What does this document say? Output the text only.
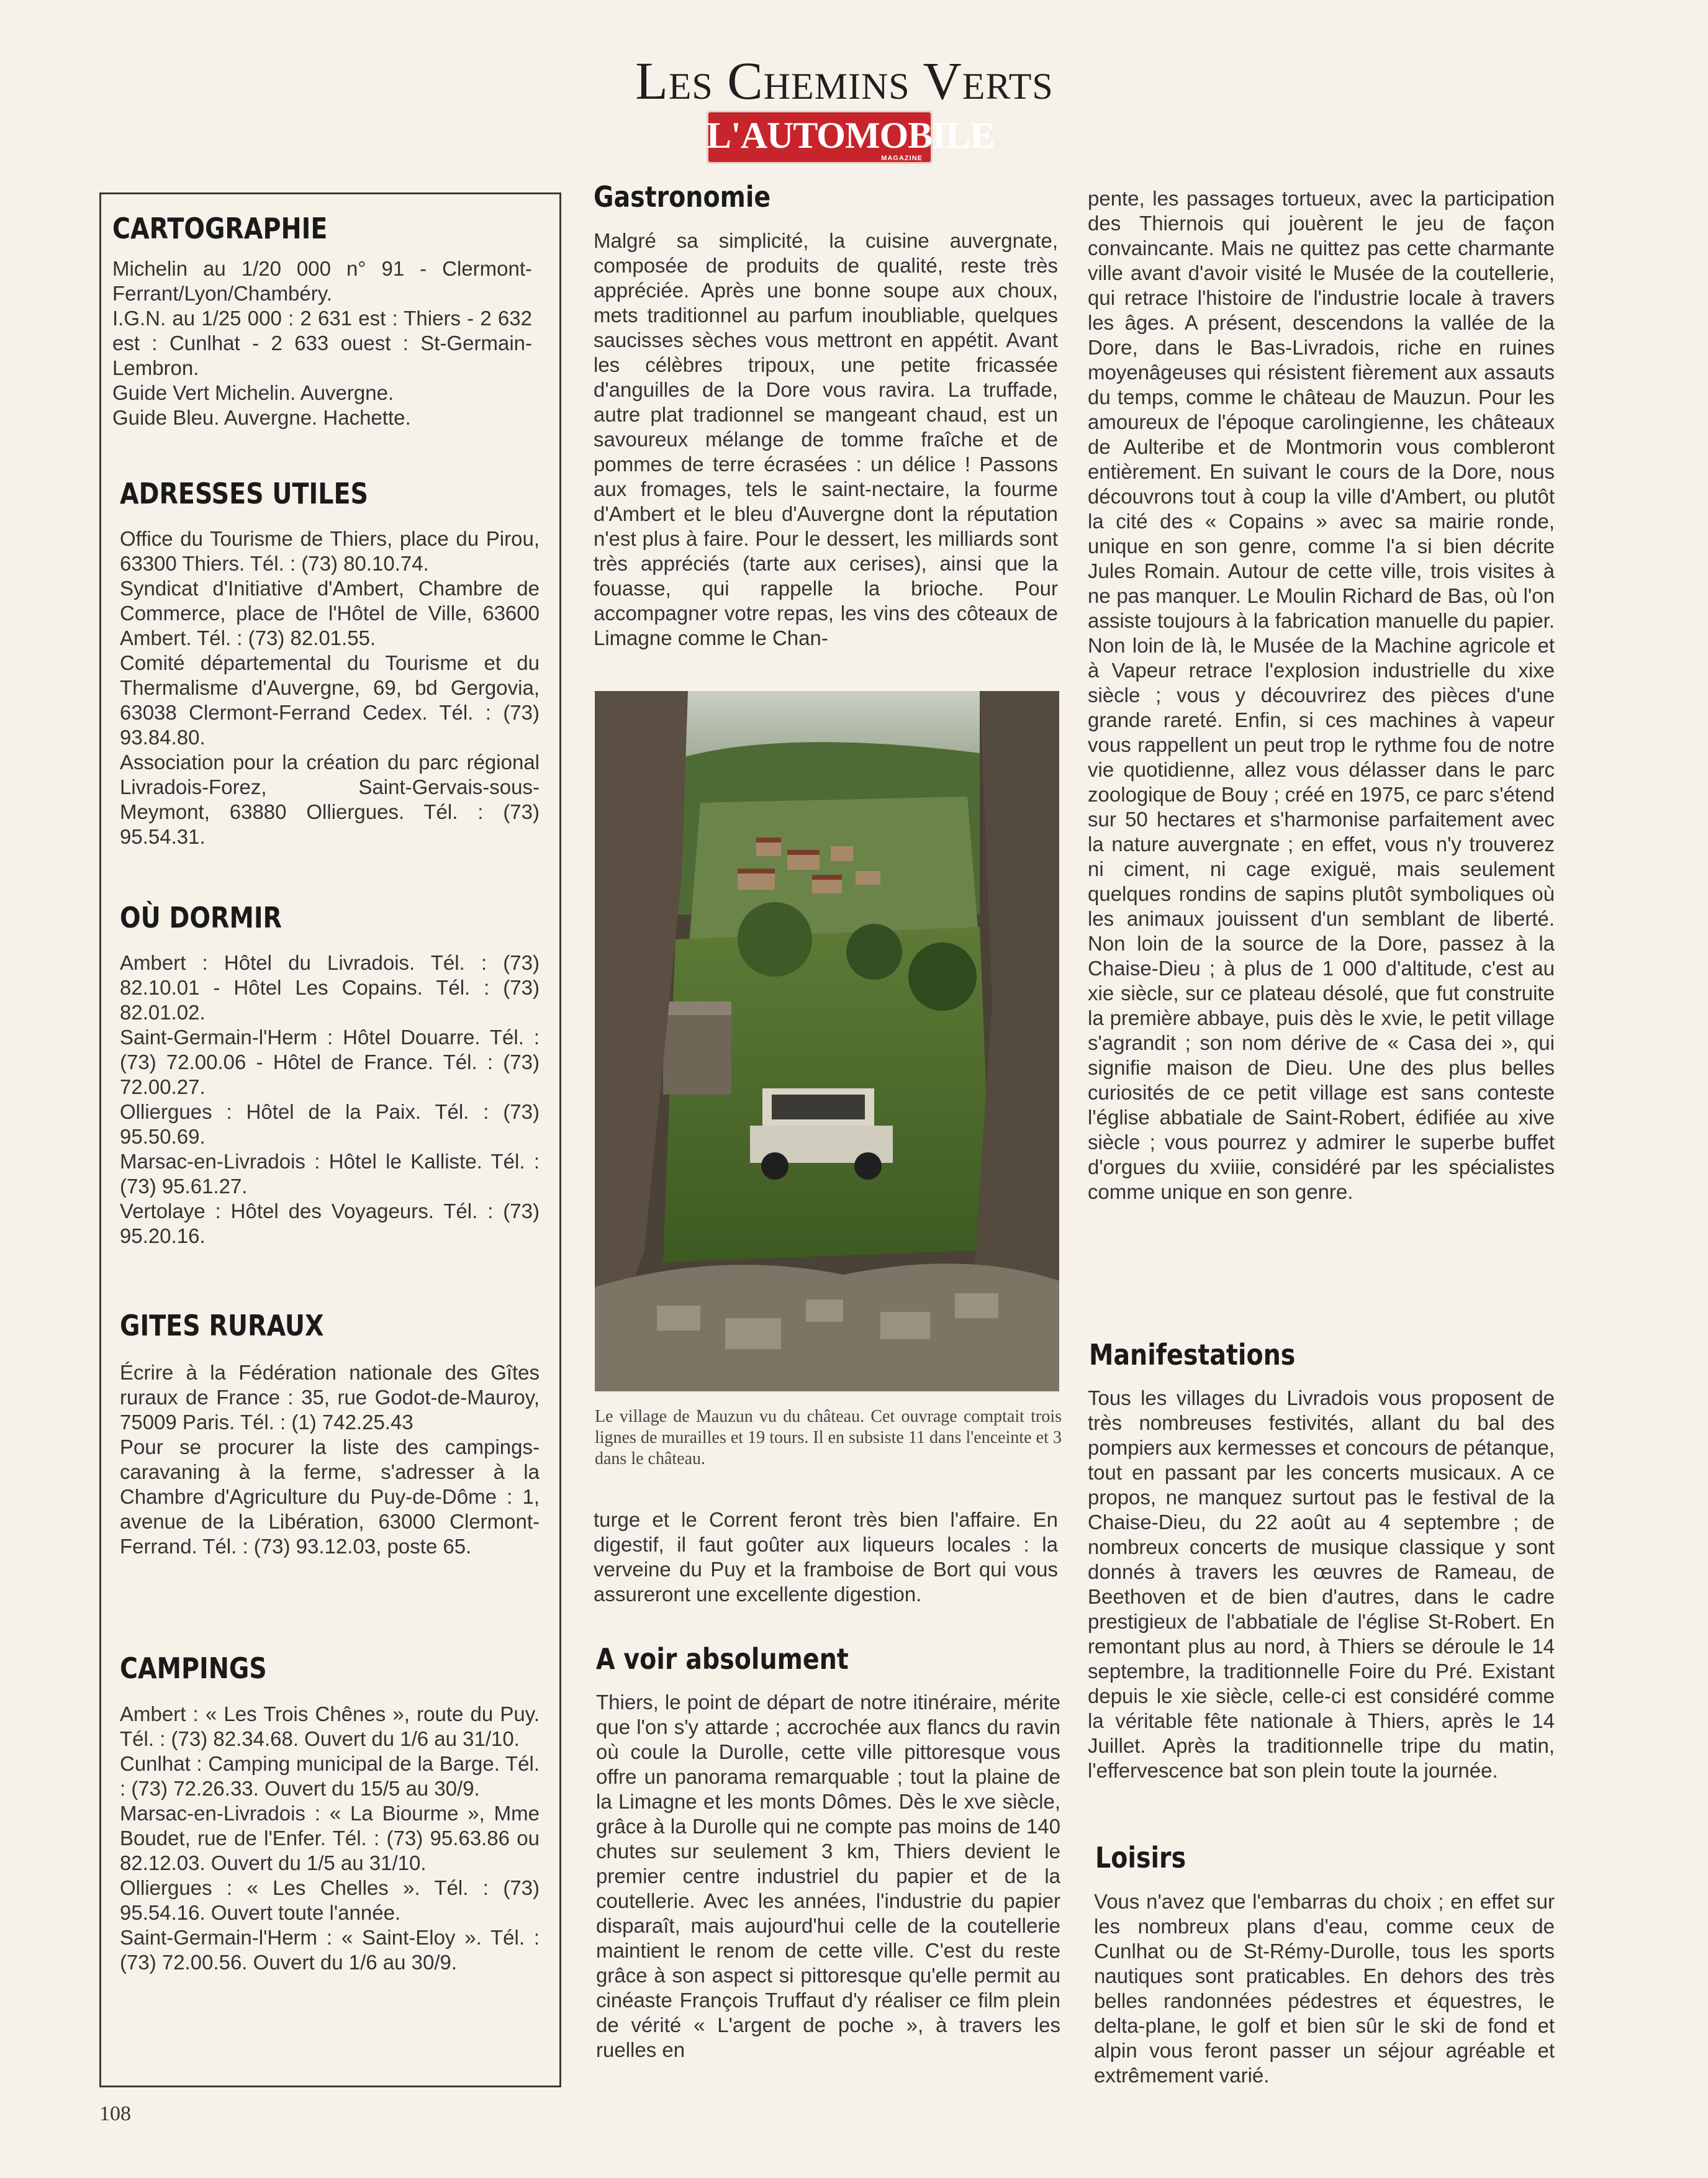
Les Chemins Verts
L'AUTOMOBILE
MAGAZINE
CARTOGRAPHIE

Michelin au 1/20 000 n° 91 - Clermont-Ferrant/Lyon/Chambéry.

I.G.N. au 1/25 000 : 2 631 est : Thiers - 2 632 est : Cunlhat - 2 633 ouest : St-Germain-Lembron.

Guide Vert Michelin. Auvergne.

Guide Bleu. Auvergne. Hachette.

ADRESSES UTILES

Office du Tourisme de Thiers, place du Pirou, 63300 Thiers. Tél. : (73) 80.10.74.

Syndicat d'Initiative d'Ambert, Chambre de Commerce, place de l'Hôtel de Ville, 63600 Ambert. Tél. : (73) 82.01.55.

Comité départemental du Tourisme et du Thermalisme d'Auvergne, 69, bd Gergovia, 63038 Clermont-Ferrand Cedex. Tél. : (73) 93.84.80.

Association pour la création du parc régional Livradois-Forez, Saint-Gervais-sous-Meymont, 63880 Olliergues. Tél. : (73) 95.54.31.

OÙ DORMIR

Ambert : Hôtel du Livradois. Tél. : (73) 82.10.01 - Hôtel Les Copains. Tél. : (73) 82.01.02.

Saint-Germain-l'Herm : Hôtel Douarre. Tél. : (73) 72.00.06 - Hôtel de France. Tél. : (73) 72.00.27.

Olliergues : Hôtel de la Paix. Tél. : (73) 95.50.69.

Marsac-en-Livradois : Hôtel le Kalliste. Tél. : (73) 95.61.27.

Vertolaye : Hôtel des Voyageurs. Tél. : (73) 95.20.16.

GITES RURAUX

Écrire à la Fédération nationale des Gîtes ruraux de France : 35, rue Godot-de-Mauroy, 75009 Paris. Tél. : (1) 742.25.43

Pour se procurer la liste des campings-caravaning à la ferme, s'adresser à la Chambre d'Agriculture du Puy-de-Dôme : 1, avenue de la Libération, 63000 Clermont-Ferrand. Tél. : (73) 93.12.03, poste 65.

CAMPINGS

Ambert : « Les Trois Chênes », route du Puy. Tél. : (73) 82.34.68. Ouvert du 1/6 au 31/10.

Cunlhat : Camping municipal de la Barge. Tél. : (73) 72.26.33. Ouvert du 15/5 au 30/9.

Marsac-en-Livradois : « La Biourme », Mme Boudet, rue de l'Enfer. Tél. : (73) 95.63.86 ou 82.12.03. Ouvert du 1/5 au 31/10.

Olliergues : « Les Chelles ». Tél. : (73) 95.54.16. Ouvert toute l'année.

Saint-Germain-l'Herm : « Saint-Eloy ». Tél. : (73) 72.00.56. Ouvert du 1/6 au 30/9.

Gastronomie

Malgré sa simplicité, la cuisine auvergnate, composée de produits de qualité, reste très appréciée. Après une bonne soupe aux choux, mets traditionnel au parfum inoubliable, quelques saucisses sèches vous mettront en appétit. Avant les célèbres tripoux, une petite fricassée d'anguilles de la Dore vous ravira. La truffade, autre plat tradionnel se mangeant chaud, est un savoureux mélange de tomme fraîche et de pommes de terre écrasées : un délice ! Passons aux fromages, tels le saint-nectaire, la fourme d'Ambert et le bleu d'Auvergne dont la réputation n'est plus à faire. Pour le dessert, les milliards sont très appréciés (tarte aux cerises), ainsi que la fouasse, qui rappelle la brioche. Pour accompagner votre repas, les vins des côteaux de Limagne comme le Chan-

Le village de Mauzun vu du château. Cet ouvrage comptait trois lignes de murailles et 19 tours. Il en subsiste 11 dans l'enceinte et 3 dans le château.

turge et le Corrent feront très bien l'affaire. En digestif, il faut goûter aux liqueurs locales : la verveine du Puy et la framboise de Bort qui vous assureront une excellente digestion.

A voir absolument

Thiers, le point de départ de notre itinéraire, mérite que l'on s'y attarde ; accrochée aux flancs du ravin où coule la Durolle, cette ville pittoresque vous offre un panorama remarquable ; tout la plaine de la Limagne et les monts Dômes. Dès le xve siècle, grâce à la Durolle qui ne compte pas moins de 140 chutes sur seulement 3 km, Thiers devient le premier centre industriel du papier et de la coutellerie. Avec les années, l'industrie du papier disparaît, mais aujourd'hui celle de la coutellerie maintient le renom de cette ville. C'est du reste grâce à son aspect si pittoresque qu'elle permit au cinéaste François Truffaut d'y réaliser ce film plein de vérité « L'argent de poche », à travers les ruelles en

pente, les passages tortueux, avec la participation des Thiernois qui jouèrent le jeu de façon convaincante. Mais ne quittez pas cette charmante ville avant d'avoir visité le Musée de la coutellerie, qui retrace l'histoire de l'industrie locale à travers les âges. A présent, descendons la vallée de la Dore, dans le Bas-Livradois, riche en ruines moyenâgeuses qui résistent fièrement aux assauts du temps, comme le château de Mauzun. Pour les amoureux de l'époque carolingienne, les châteaux de Aulteribe et de Montmorin vous combleront entièrement. En suivant le cours de la Dore, nous découvrons tout à coup la ville d'Ambert, ou plutôt la cité des « Copains » avec sa mairie ronde, unique en son genre, comme l'a si bien décrite Jules Romain. Autour de cette ville, trois visites à ne pas manquer. Le Moulin Richard de Bas, où l'on assiste toujours à la fabrication manuelle du papier. Non loin de là, le Musée de la Machine agricole et à Vapeur retrace l'explosion industrielle du xixe siècle ; vous y découvrirez des pièces d'une grande rareté. Enfin, si ces machines à vapeur vous rappellent un peut trop le rythme fou de notre vie quotidienne, allez vous délasser dans le parc zoologique de Bouy ; créé en 1975, ce parc s'étend sur 50 hectares et s'harmonise parfaitement avec la nature auvergnate ; en effet, vous n'y trouverez ni ciment, ni cage exiguë, mais seulement quelques rondins de sapins plutôt symboliques où les animaux jouissent d'un semblant de liberté. Non loin de la source de la Dore, passez à la Chaise-Dieu ; à plus de 1 000 d'altitude, c'est au xie siècle, sur ce plateau désolé, que fut construite la première abbaye, puis dès le xvie, le petit village s'agrandit ; son nom dérive de « Casa dei », qui signifie maison de Dieu. Une des plus belles curiosités de ce petit village est sans conteste l'église abbatiale de Saint-Robert, édifiée au xive siècle ; vous pourrez y admirer le superbe buffet d'orgues du xviiie, considéré par les spécialistes comme unique en son genre.

Manifestations

Tous les villages du Livradois vous proposent de très nombreuses festivités, allant du bal des pompiers aux kermesses et concours de pétanque, tout en passant par les concerts musicaux. A ce propos, ne manquez surtout pas le festival de la Chaise-Dieu, du 22 août au 4 septembre ; de nombreux concerts de musique classique y sont donnés à travers les œuvres de Rameau, de Beethoven et de bien d'autres, dans le cadre prestigieux de l'abbatiale de l'église St-Robert. En remontant plus au nord, à Thiers se déroule le 14 septembre, la traditionnelle Foire du Pré. Existant depuis le xie siècle, celle-ci est considéré comme la véritable fête nationale à Thiers, après le 14 Juillet. Après la traditionnelle tripe du matin, l'effervescence bat son plein toute la journée.

Loisirs

Vous n'avez que l'embarras du choix ; en effet sur les nombreux plans d'eau, comme ceux de Cunlhat ou de St-Rémy-Durolle, tous les sports nautiques sont praticables. En dehors des très belles randonnées pédestres et équestres, le delta-plane, le golf et bien sûr le ski de fond et alpin vous feront passer un séjour agréable et extrêmement varié.

108
